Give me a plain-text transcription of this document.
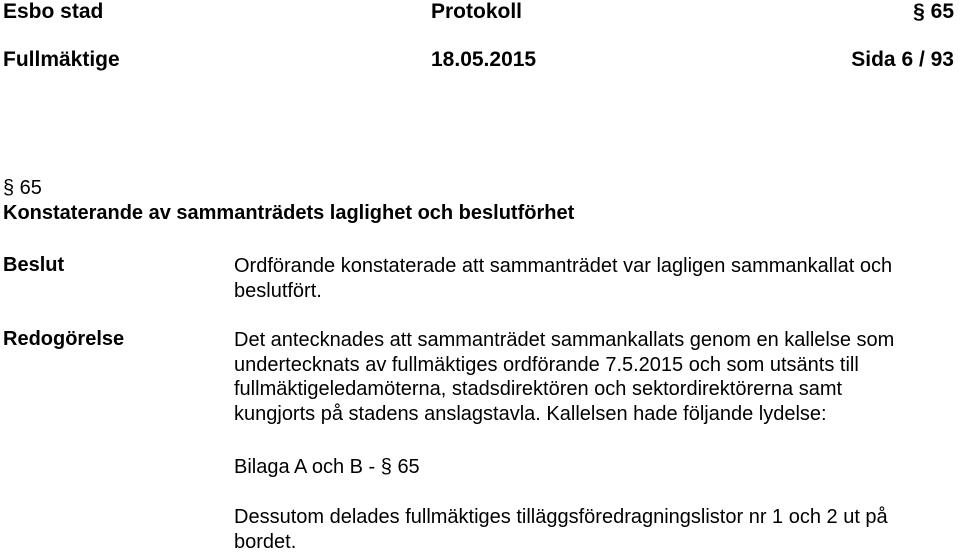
Esbo stad	Protokoll	§ 65
Fullmäktige	18.05.2015	Sida 6 / 93
§ 65
Konstaterande av sammanträdets laglighet och beslutförhet
Beslut	Ordförande konstaterade att sammanträdet var lagligen sammankallat och
beslutfört.
Redogörelse	Det antecknades att sammanträdet sammankallats genom en kallelse som
undertecknats av fullmäktiges ordförande 7.5.2015 och som utsänts till
fullmäktigeledamöterna, stadsdirektören och sektordirektörerna samt
kungjorts på stadens anslagstavla. Kallelsen hade följande lydelse:
Bilaga A och B - § 65
Dessutom delades fullmäktiges tilläggsföredragningslistor nr 1 och 2 ut på
bordet.
